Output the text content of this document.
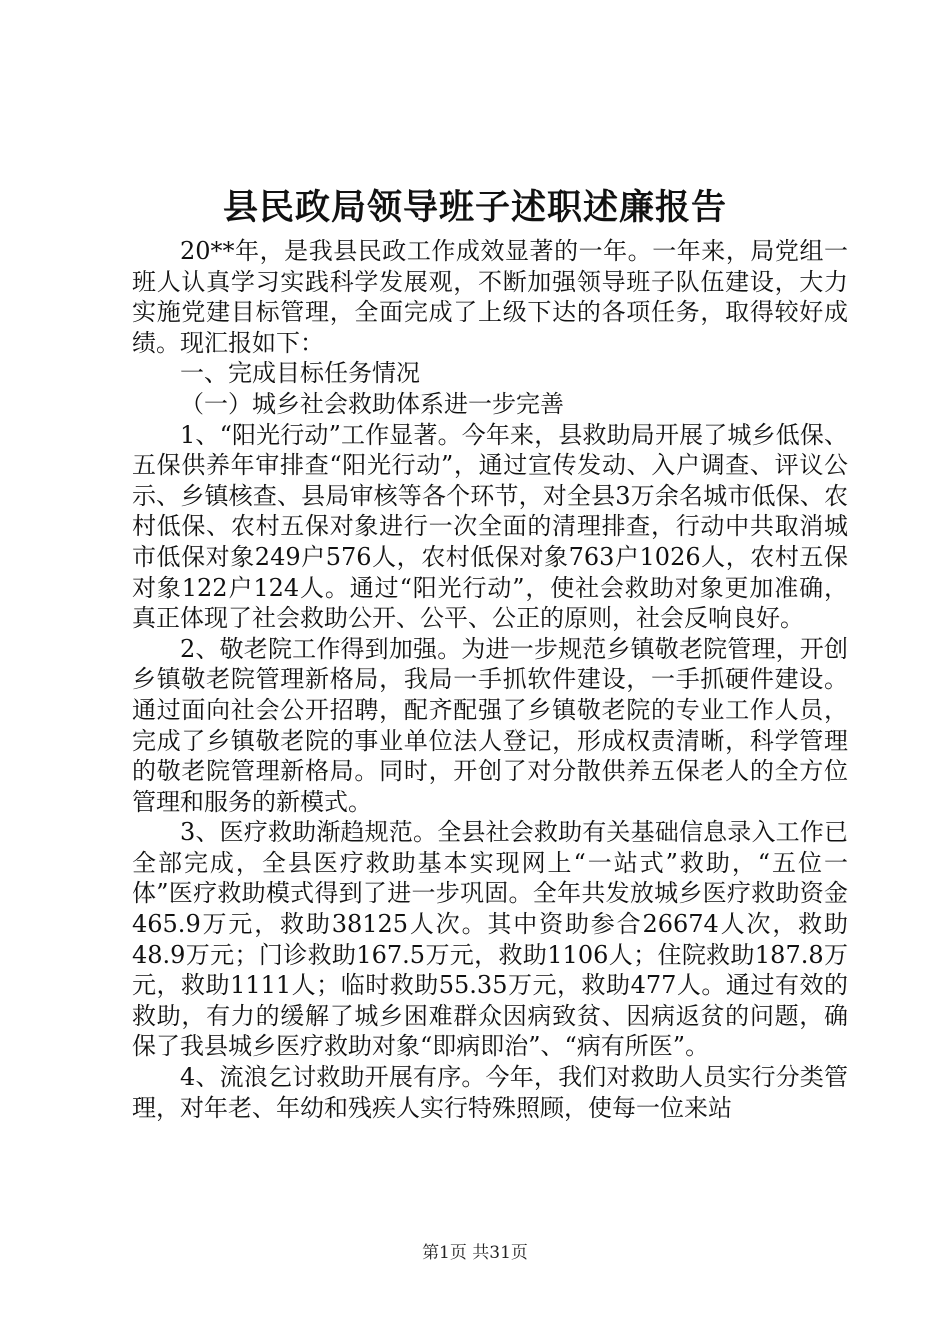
县民政局领导班子述职述廉报告

20**年，是我县民政工作成效显著的一年。一年来，局党组一班人认真学习实践科学发展观，不断加强领导班子队伍建设，大力实施党建目标管理，全面完成了上级下达的各项任务，取得较好成绩。现汇报如下：

一、完成目标任务情况

（一）城乡社会救助体系进一步完善

1、“阳光行动”工作显著。今年来，县救助局开展了城乡低保、五保供养年审排查“阳光行动”，通过宣传发动、入户调查、评议公示、乡镇核查、县局审核等各个环节，对全县3万余名城市低保、农村低保、农村五保对象进行一次全面的清理排查，行动中共取消城市低保对象249户576人，农村低保对象763户1026人，农村五保对象122户124人。通过“阳光行动”，使社会救助对象更加准确，真正体现了社会救助公开、公平、公正的原则，社会反响良好。

2、敬老院工作得到加强。为进一步规范乡镇敬老院管理，开创乡镇敬老院管理新格局，我局一手抓软件建设，一手抓硬件建设。通过面向社会公开招聘，配齐配强了乡镇敬老院的专业工作人员，完成了乡镇敬老院的事业单位法人登记，形成权责清晰，科学管理的敬老院管理新格局。同时，开创了对分散供养五保老人的全方位管理和服务的新模式。

3、医疗救助渐趋规范。全县社会救助有关基础信息录入工作已全部完成，全县医疗救助基本实现网上“一站式”救助，“五位一体”医疗救助模式得到了进一步巩固。全年共发放城乡医疗救助资金465.9万元，救助38125人次。其中资助参合26674人次，救助48.9万元；门诊救助167.5万元，救助1106人；住院救助187.8万元，救助1111人；临时救助55.35万元，救助477人。通过有效的救助，有力的缓解了城乡困难群众因病致贫、因病返贫的问题，确保了我县城乡医疗救助对象“即病即治”、“病有所医”。

4、流浪乞讨救助开展有序。今年，我们对救助人员实行分类管理，对年老、年幼和残疾人实行特殊照顾，使每一位来站

第1页 共31页
